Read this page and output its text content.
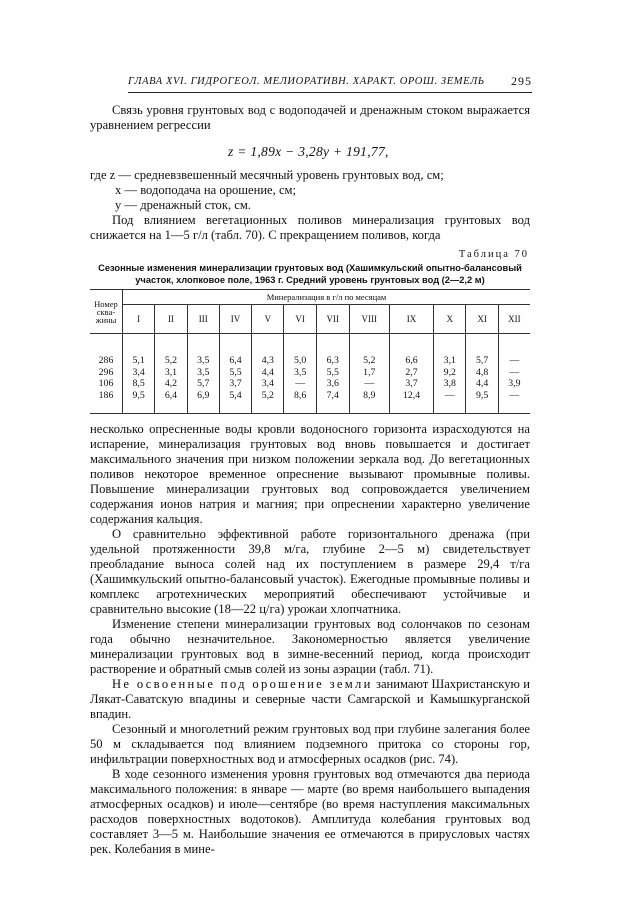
ГЛАВА XVI. ГИДРОГЕОЛ. МЕЛИОРАТИВН. ХАРАКТ. ОРОШ. ЗЕМЕЛЬ 295

Связь уровня грунтовых вод с водоподачей и дренажным стоком выражается уравнением регрессии

z = 1,89x − 3,28y + 191,77,
где z — средневзвешенный месячный уровень грунтовых вод, см;
x — водоподача на орошение, см;
y — дренажный сток, см.

Под влиянием вегетационных поливов минерализация грунтовых вод снижается на 1—5 г/л (табл. 70). С прекращением поливов, когда

Таблица 70
Сезонные изменения минерализации грунтовых вод (Хашимкульский опытно-балансовый
участок, хлопковое поле, 1963 г. Средний уровень грунтовых вод (2—2,2 м)
Номер сква-жины	Минерализация в г/л по месяцам											
	I	II	III	IV	V	VI	VII	VIII	IX	X	XI	XII
286	5,1	5,2	3,5	6,4	4,3	5,0	6,3	5,2	6,6	3,1	5,7	—
296	3,4	3,1	3,5	5,5	4,4	3,5	5,5	1,7	2,7	9,2	4,8	—
106	8,5	4,2	5,7	3,7	3,4	—	3,6	—	3,7	3,8	4,4	3,9
186	9,5	6,4	6,9	5,4	5,2	8,6	7,4	8,9	12,4	—	9,5	—

несколько опресненные воды кровли водоносного горизонта израсходуются на испарение, минерализация грунтовых вод вновь повышается и достигает максимального значения при низком положении зеркала вод. До вегетационных поливов некоторое временное опреснение вызывают промывные поливы. Повышение минерализации грунтовых вод сопровождается увеличением содержания ионов натрия и магния; при опреснении характерно увеличение содержания кальция.

О сравнительно эффективной работе горизонтального дренажа (при удельной протяженности 39,8 м/га, глубине 2—5 м) свидетельствует преобладание выноса солей над их поступлением в размере 29,4 т/га (Хашимкульский опытно-балансовый участок). Ежегодные промывные поливы и комплекс агротехнических мероприятий обеспечивают устойчивые и сравнительно высокие (18—22 ц/га) урожаи хлопчатника.

Изменение степени минерализации грунтовых вод солончаков по сезонам года обычно незначительное. Закономерностью является увеличение минерализации грунтовых вод в зимне-весенний период, когда происходит растворение и обратный смыв солей из зоны аэрации (табл. 71).

Не освоенные под орошение земли занимают Шахристанскую и Лякат-Саватскую впадины и северные части Самгарской и Камышкурганской впадин.

Сезонный и многолетний режим грунтовых вод при глубине залегания более 50 м складывается под влиянием подземного притока со стороны гор, инфильтрации поверхностных вод и атмосферных осадков (рис. 74).

В ходе сезонного изменения уровня грунтовых вод отмечаются два периода максимального положения: в январе — марте (во время наибольшего выпадения атмосферных осадков) и июле—сентябре (во время наступления максимальных расходов поверхностных водотоков). Амплитуда колебания грунтовых вод составляет 3—5 м. Наибольшие значения ее отмечаются в прирусловых частях рек. Колебания в мине-
